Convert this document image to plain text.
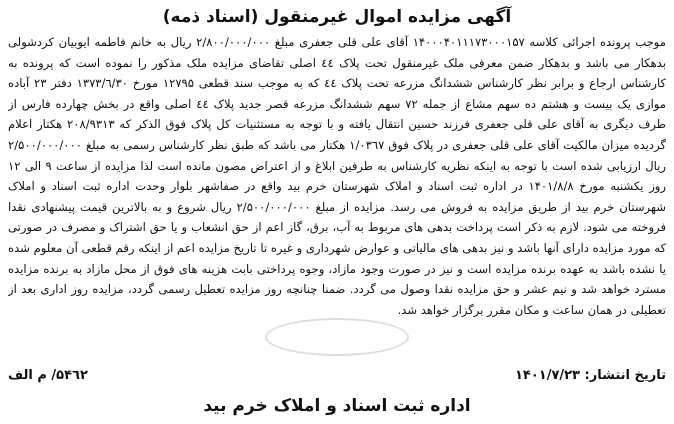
آگهی مزایده اموال غیرمنقول (اسناد ذمه)

موجب پرونده اجرائی کلاسه ۱۴۰۰۰۴۰۱۱۱۷۳۰۰۰۱۵۷ آقای علی قلی جعفری مبلغ ۲/۸۰۰/۰۰۰/۰۰۰ ریال به خانم فاطمه ایوبیان کردشولی بدهکار می باشد و بدهکار ضمن معرفی ملک غیرمنقول تحت پلاک ٤٤ اصلی تقاضای مزایده ملک مذکور را نموده است که پرونده به کارشناس ارجاع و برابر نظر کارشناس ششدانگ مزرعه تحت پلاک ٤٤ که به موجب سند قطعی ۱۲۷۹۵ مورخ ۱۳۷۳/٦/۳۰ دفتر ۲۳ آباده موازی یک بیست و هشتم ده سهم مشاع از جمله ۷۲ سهم ششدانگ مزرعه قصر جدید پلاک ٤٤ اصلی واقع در بخش چهارده فارس از طرف دیگری به آقای علی قلی جعفری فرزند حسین انتقال یافته و با توجه به مستثنیات کل پلاک فوق الذکر که ۲۰۸/۹۳۱۳ هکتار اعلام گردیده میزان مالکیت آقای علی قلی جعفری در پلاک فوق ۱/۰۳٦۷ هکتار می باشد که طبق نظر کارشناس رسمی به مبلغ ۲/۵۰۰/۰۰۰/۰۰۰ ریال ارزیابی شده است با توجه به اینکه نظریه کارشناس به طرفین ابلاغ و از اعتراض مصون مانده است لذا مزایده از ساعت ۹ الی ۱۲ روز یکشنبه مورخ ۱۴۰۱/۸/۸ در اداره ثبت اسناد و املاک شهرستان خرم بید واقع در صفاشهر بلوار وحدت اداره ثبت اسناد و املاک شهرستان خرم بید از طریق مزایده به فروش می رسد. مزایده از مبلغ ۲/۵۰۰/۰۰۰/۰۰۰ ریال شروع و به بالاترین قیمت پیشنهادی نقدا فروخته می شود. لازم به ذکر است پرداخت بدهی های مربوط به آب، برق، گاز اعم از حق انشعاب و یا حق اشتراک و مصرف در صورتی که مورد مزایده دارای آنها باشد و نیز بدهی های مالیاتی و عوارض شهرداری و غیره تا تاریخ مزایده اعم از اینکه رقم قطعی آن معلوم شده یا نشده باشد به عهده برنده مزایده است و نیز در صورت وجود مازاد، وجوه پرداختی بابت هزینه های فوق از محل مازاد به برنده مزایده مسترد خواهد شد و نیم عشر و حق مزایده نقدا وصول می گردد. ضمنا چنانچه روز مزایده تعطیل رسمی گردد، مزایده روز اداری بعد از تعطیلی در همان ساعت و مکان مقرر برگزار خواهد شد.

تاریخ انتشار: ۱۴۰۱/۷/۲۳
۵۴٦۲/ م الف
اداره ثبت اسناد و املاک خرم بید
